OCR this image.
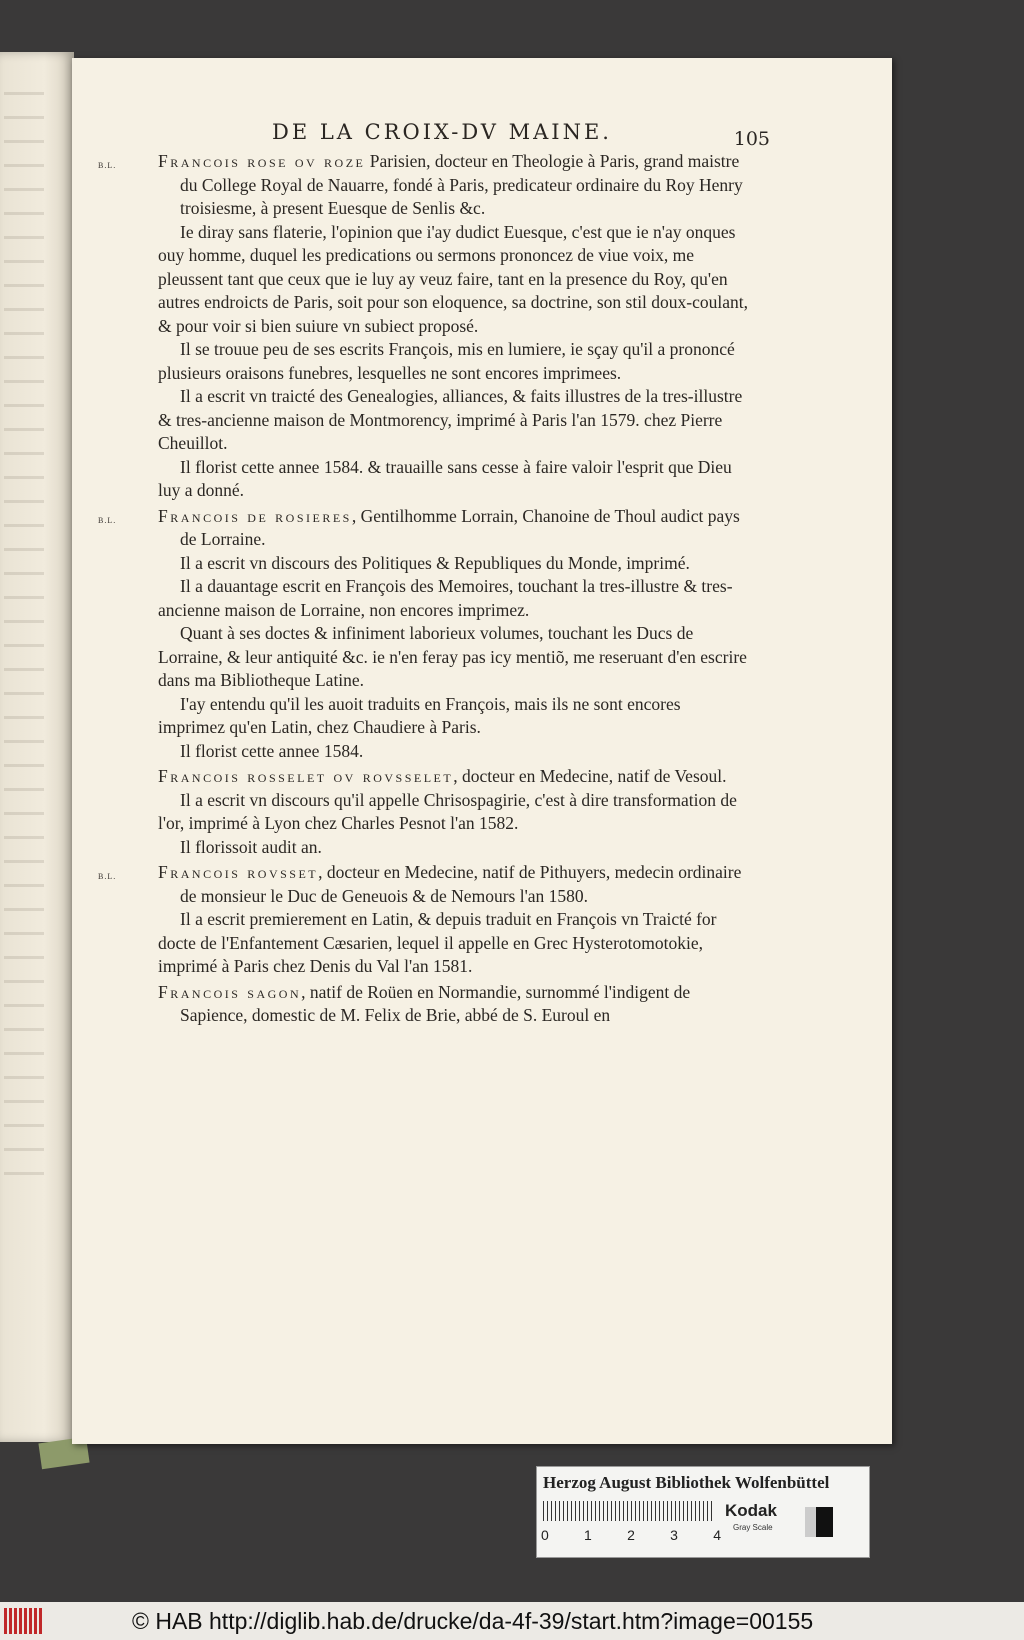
DE LA CROIX-DV MAINE.	105
B.L. Francois rose ov roze Parisien, docteur en Theologie à Paris, grand maistre du College Royal de Nauarre, fondé à Paris, predicateur ordinaire du Roy Henry troisiesme, à present Euesque de Senlis &c.
Ie diray sans flaterie, l'opinion que i'ay dudict Euesque, c'est que ie n'ay onques ouy homme, duquel les predications ou sermons prononcez de viue voix, me pleussent tant que ceux que ie luy ay veuz faire, tant en la presence du Roy, qu'en autres endroicts de Paris, soit pour son eloquence, sa doctrine, son stil doux-coulant, & pour voir si bien suiure vn subiect proposé.
Il se trouue peu de ses escrits François, mis en lumiere, ie sçay qu'il a prononcé plusieurs oraisons funebres, lesquelles ne sont encores imprimees.
Il a escrit vn traicté des Genealogies, alliances, & faits illustres de la tres-illustre & tres-ancienne maison de Montmorency, imprimé à Paris l'an 1579. chez Pierre Cheuillot.
Il florist cette annee 1584. & trauaille sans cesse à faire valoir l'esprit que Dieu luy a donné.
B.L. Francois de rosieres, Gentilhomme Lorrain, Chanoine de Thoul audict pays de Lorraine.
Il a escrit vn discours des Politiques & Republiques du Monde, imprimé.
Il a dauantage escrit en François des Memoires, touchant la tres-illustre & tres-ancienne maison de Lorraine, non encores imprimez.
Quant à ses doctes & infiniment laborieux volumes, touchant les Ducs de Lorraine, & leur antiquité &c. ie n'en feray pas icy mentiõ, me reseruant d'en escrire dans ma Bibliotheque Latine.
I'ay entendu qu'il les auoit traduits en François, mais ils ne sont encores imprimez qu'en Latin, chez Chaudiere à Paris.
Il florist cette annee 1584.
Francois rosselet ov rovsselet, docteur en Medecine, natif de Vesoul.
Il a escrit vn discours qu'il appelle Chrisospagirie, c'est à dire transformation de l'or, imprimé à Lyon chez Charles Pesnot l'an 1582.
Il florissoit audit an.
B.L. Francois rovsset, docteur en Medecine, natif de Pithuyers, medecin ordinaire de monsieur le Duc de Geneuois & de Nemours l'an 1580.
Il a escrit premierement en Latin, & depuis traduit en François vn Traicté for docte de l'Enfantement Cæsarien, lequel il appelle en Grec Hysterotomotokie, imprimé à Paris chez Denis du Val l'an 1581.
Francois sagon, natif de Roüen en Normandie, surnommé l'indigent de Sapience, domestic de M. Felix de Brie, abbé de S. Euroul en
Herzog August Bibliothek Wolfenbüttel
0	1	2	3	4
Kodak
Gray Scale
© HAB http://diglib.hab.de/drucke/da-4f-39/start.htm?image=00155
